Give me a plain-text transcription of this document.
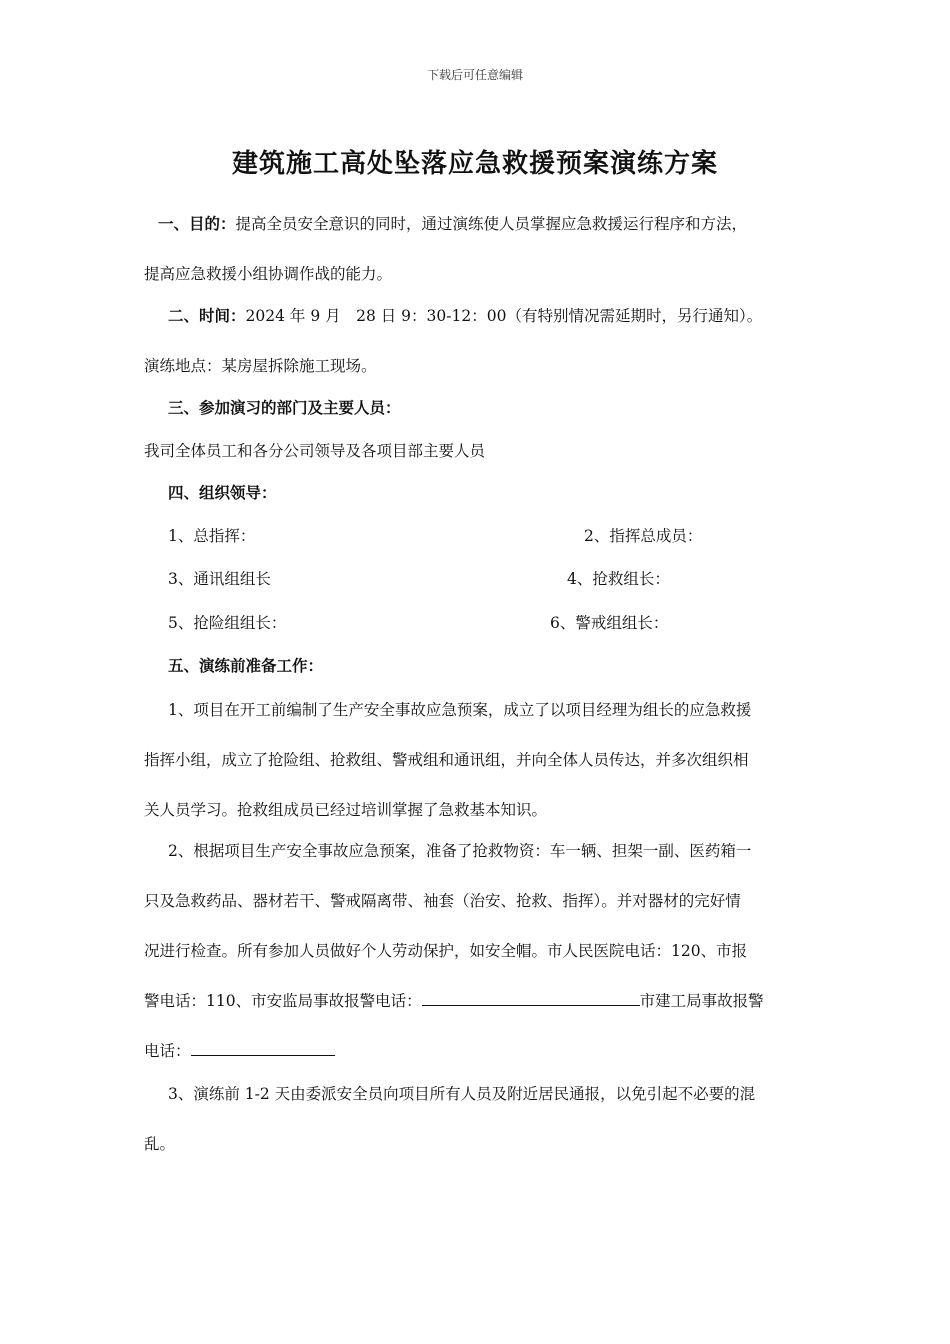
下载后可任意编辑
建筑施工高处坠落应急救援预案演练方案
一、目的：提高全员安全意识的同时，通过演练使人员掌握应急救援运行程序和方法，
提高应急救援小组协调作战的能力。
二、时间：2024 年 9 月　28 日 9：30-12：00（有特别情况需延期时，另行通知）。
演练地点：某房屋拆除施工现场。
三、参加演习的部门及主要人员：
我司全体员工和各分公司领导及各项目部主要人员
四、组织领导：
1、总指挥：	2、指挥总成员：
3、通讯组组长	4、抢救组长：
5、抢险组组长：	6、警戒组组长：
五、演练前准备工作：
1、项目在开工前编制了生产安全事故应急预案，成立了以项目经理为组长的应急救援
指挥小组，成立了抢险组、抢救组、警戒组和通讯组，并向全体人员传达，并多次组织相
关人员学习。抢救组成员已经过培训掌握了急救基本知识。
2、根据项目生产安全事故应急预案，准备了抢救物资：车一辆、担架一副、医药箱一
只及急救药品、器材若干、警戒隔离带、袖套（治安、抢救、指挥）。并对器材的完好情
况进行检查。所有参加人员做好个人劳动保护，如安全帽。市人民医院电话：120、市报
警电话：110、市安监局事故报警电话：	市建工局事故报警
电话：
3、演练前 1-2 天由委派安全员向项目所有人员及附近居民通报，以免引起不必要的混
乱。
